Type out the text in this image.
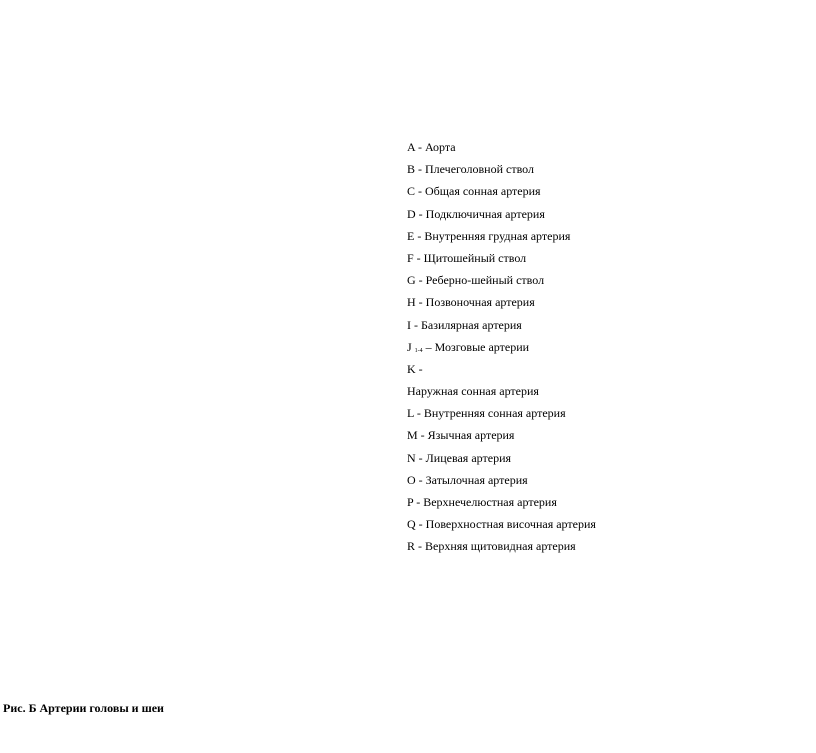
A - Аорта
B - Плечеголовной ствол
C - Общая сонная артерия
D - Подключичная артерия
E - Внутренняя грудная артерия
F - Щитошейный ствол
G - Реберно-шейный ствол
H - Позвоночная артерия
I - Базилярная артерия
J 1-4 – Мозговые артерии
K -
Наружная сонная артерия
L - Внутренняя сонная артерия
M - Язычная артерия
N - Лицевая артерия
O - Затылочная артерия
P - Верхнечелюстная артерия
Q - Поверхностная височная артерия
R - Верхняя щитовидная артерия
Рис. Б Артерии головы и шеи
